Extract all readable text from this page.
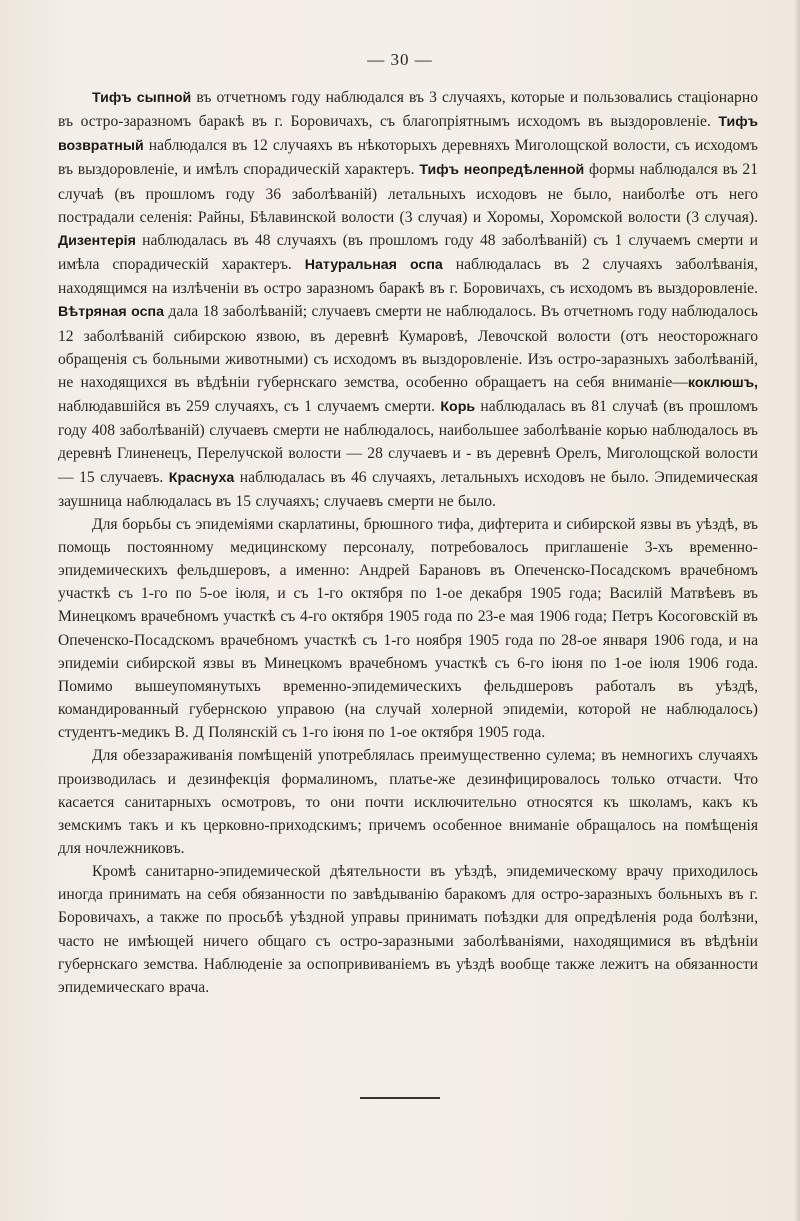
— 30 —

Тифъ сыпной въ отчетномъ году наблюдался въ 3 случаяхъ, которые и пользовались стаціонарно въ остро-заразномъ баракѣ въ г. Боровичахъ, съ благопріятнымъ исходомъ въ выздоровленіе. Тифъ возвратный наблюдался въ 12 случаяхъ въ нѣкоторыхъ деревняхъ Миголощской волости, съ исходомъ въ выздоровленіе, и имѣлъ спорадическій характеръ. Тифъ неопредѣленной формы наблюдался въ 21 случаѣ (въ прошломъ году 36 заболѣваній) летальныхъ исходовъ не было, наиболѣе отъ него пострадали селенія: Райны, Бѣлавинской волости (3 случая) и Хоромы, Хоромской волости (3 случая). Дизентерія наблюдалась въ 48 случаяхъ (въ прошломъ году 48 заболѣваній) съ 1 случаемъ смерти и имѣла спорадическій характеръ. Натуральная оспа наблюдалась въ 2 случаяхъ заболѣванія, находящимся на излѣченіи въ остро заразномъ баракѣ въ г. Боровичахъ, съ исходомъ въ выздоровленіе. Вѣтряная оспа дала 18 заболѣваній; случаевъ смерти не наблюдалось. Въ отчетномъ году наблюдалось 12 заболѣваній сибирскою язвою, въ деревнѣ Кумаровѣ, Левочской волости (отъ неосторожнаго обращенія съ больными животными) съ исходомъ въ выздоровленіе. Изъ остро-заразныхъ заболѣваній, не находящихся въ вѣдѣніи губернскаго земства, особенно обращаетъ на себя вниманіе—коклюшъ, наблюдавшійся въ 259 случаяхъ, съ 1 случаемъ смерти. Корь наблюдалась въ 81 случаѣ (въ прошломъ году 408 заболѣваній) случаевъ смерти не наблюдалось, наибольшее заболѣваніе корью наблюдалось въ деревнѣ Глиненецъ, Перелучской волости — 28 случаевъ и - въ деревнѣ Орелъ, Миголощской волости — 15 случаевъ. Краснуха наблюдалась въ 46 случаяхъ, летальныхъ исходовъ не было. Эпидемическая заушница наблюдалась въ 15 случаяхъ; случаевъ смерти не было.

Для борьбы съ эпидеміями скарлатины, брюшного тифа, дифтерита и сибирской язвы въ уѣздѣ, въ помощь постоянному медицинскому персоналу, потребовалось приглашеніе 3-хъ временно-эпидемическихъ фельдшеровъ, а именно: Андрей Барановъ въ Опеченско-Посадскомъ врачебномъ участкѣ съ 1-го по 5-ое іюля, и съ 1-го октября по 1-ое декабря 1905 года; Василій Матвѣевъ въ Минецкомъ врачебномъ участкѣ съ 4-го октября 1905 года по 23-е мая 1906 года; Петръ Косоговскій въ Опеченско-Посадскомъ врачебномъ участкѣ съ 1-го ноября 1905 года по 28-ое января 1906 года, и на эпидеміи сибирской язвы въ Минецкомъ врачебномъ участкѣ съ 6-го іюня по 1-ое іюля 1906 года. Помимо вышеупомянутыхъ временно-эпидемическихъ фельдшеровъ работалъ въ уѣздѣ, командированный губернскою управою (на случай холерной эпидеміи, которой не наблюдалось) студентъ-медикъ В. Д Полянскій съ 1-го іюня по 1-ое октября 1905 года.

Для обеззараживанія помѣщеній употреблялась преимущественно сулема; въ немногихъ случаяхъ производилась и дезинфекція формалиномъ, платье-же дезинфицировалось только отчасти. Что касается санитарныхъ осмотровъ, то они почти исключительно относятся къ школамъ, какъ къ земскимъ такъ и къ церковно-приходскимъ; причемъ особенное вниманіе обращалось на помѣщенія для ночлежниковъ.

Кромѣ санитарно-эпидемической дѣятельности въ уѣздѣ, эпидемическому врачу приходилось иногда принимать на себя обязанности по завѣдыванію баракомъ для остро-заразныхъ больныхъ въ г. Боровичахъ, а также по просьбѣ уѣздной управы принимать поѣздки для опредѣленія рода болѣзни, часто не имѣющей ничего общаго съ остро-заразными заболѣваніями, находящимися въ вѣдѣніи губернскаго земства. Наблюденіе за оспопрививаніемъ въ уѣздѣ вообще также лежитъ на обязанности эпидемическаго врача.
